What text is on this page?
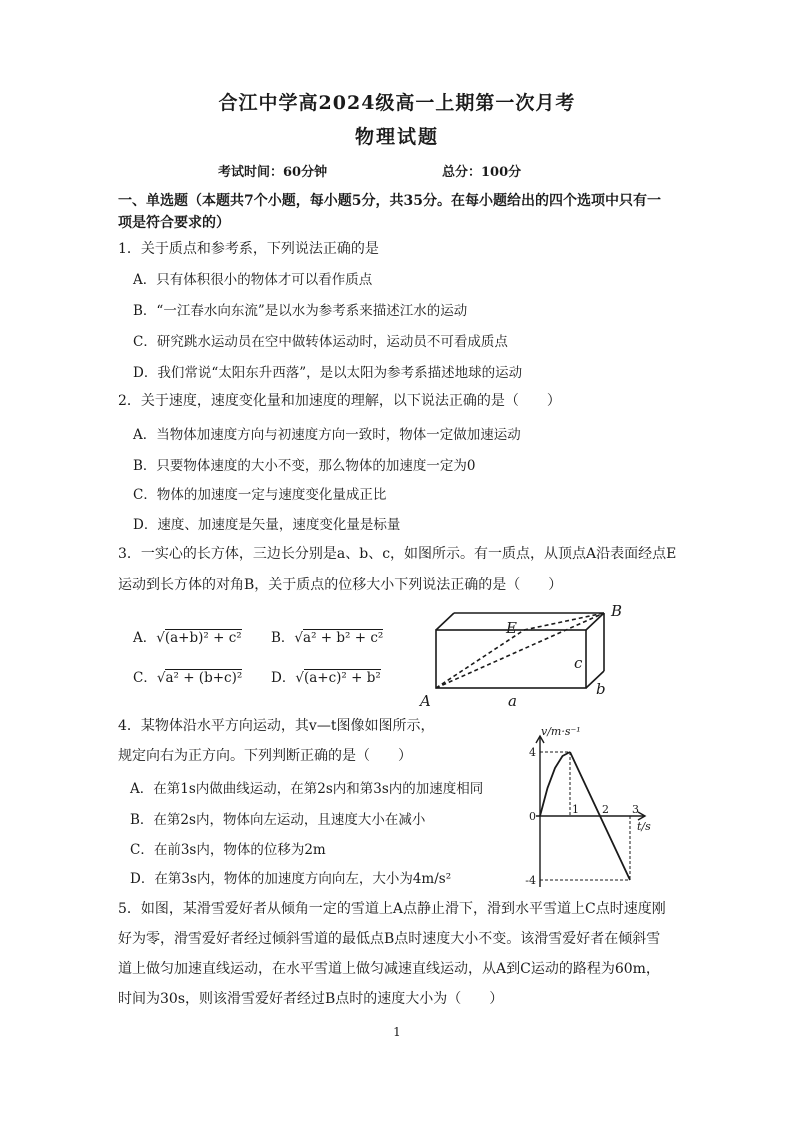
合江中学高2024级高一上期第一次月考
物理试题
考试时间：60分钟	总分：100分
一、单选题（本题共7个小题，每小题5分，共35分。在每小题给出的四个选项中只有一
项是符合要求的）
1．关于质点和参考系，下列说法正确的是
A．只有体积很小的物体才可以看作质点
B．“一江春水向东流”是以水为参考系来描述江水的运动
C．研究跳水运动员在空中做转体运动时，运动员不可看成质点
D．我们常说“太阳东升西落”，是以太阳为参考系描述地球的运动
2．关于速度，速度变化量和加速度的理解，以下说法正确的是（　　）
A．当物体加速度方向与初速度方向一致时，物体一定做加速运动
B．只要物体速度的大小不变，那么物体的加速度一定为0
C．物体的加速度一定与速度变化量成正比
D．速度、加速度是矢量，速度变化量是标量
3．一实心的长方体，三边长分别是a、b、c，如图所示。有一质点，从顶点A沿表面经点E
运动到长方体的对角B，关于质点的位移大小下列说法正确的是（　　）
A．√(a+b)² + c² B．√a² + b² + c²
C．√a² + (b+c)² D．√(a+c)² + b²
A
B
E
a
b
c
4．某物体沿水平方向运动，其v—t图像如图所示，
规定向右为正方向。下列判断正确的是（　　）
A．在第1s内做曲线运动，在第2s内和第3s内的加速度相同
B．在第2s内，物体向左运动，且速度大小在减小
C．在前3s内，物体的位移为2m
D．在第3s内，物体的加速度方向向左，大小为4m/s²
v/m·s⁻¹
t/s
4
0
-4
1 2 3
5．如图，某滑雪爱好者从倾角一定的雪道上A点静止滑下，滑到水平雪道上C点时速度刚
好为零，滑雪爱好者经过倾斜雪道的最低点B点时速度大小不变。该滑雪爱好者在倾斜雪
道上做匀加速直线运动，在水平雪道上做匀减速直线运动，从A到C运动的路程为60m，
时间为30s，则该滑雪爱好者经过B点时的速度大小为（　　）
1
